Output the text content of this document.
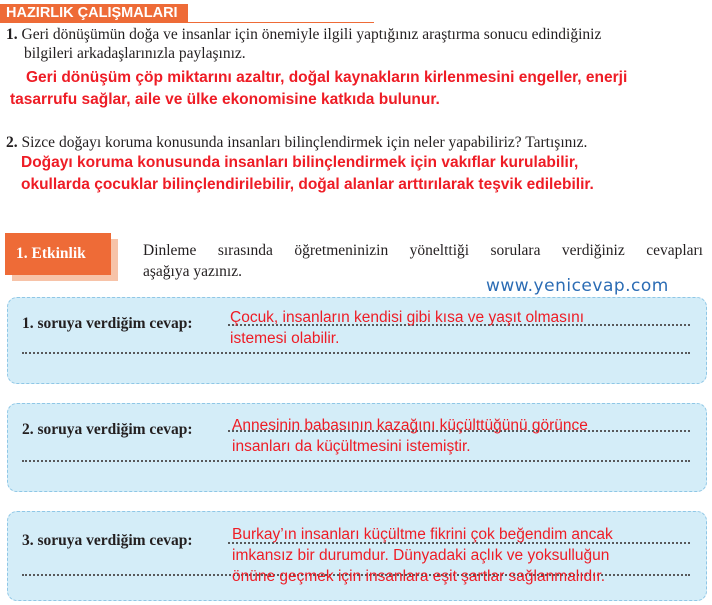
HAZIRLIK ÇALIŞMALARI
1. Geri dönüşümün doğa ve insanlar için önemiyle ilgili yaptığınız araştırma sonucu edindiğiniz
bilgileri arkadaşlarınızla paylaşınız.
Geri dönüşüm çöp miktarını azaltır, doğal kaynakların kirlenmesini engeller, enerji
tasarrufu sağlar, aile ve ülke ekonomisine katkıda bulunur.
2. Sizce doğayı koruma konusunda insanları bilinçlendirmek için neler yapabiliriz? Tartışınız.
Doğayı koruma konusunda insanları bilinçlendirmek için vakıflar kurulabilir,
okullarda çocuklar bilinçlendirilebilir, doğal alanlar arttırılarak teşvik edilebilir.
1. Etkinlik	Dinleme sırasında öğretmeninizin yönelttiği sorulara verdiğiniz cevapları
aşağıya yazınız.
www.yenicevap.com
1. soruya verdiğim cevap: Çocuk, insanların kendisi gibi kısa ve yaşıt olmasını
istemesi olabilir.
2. soruya verdiğim cevap:	Annesinin babasının kazağını küçülttüğünü görünce
insanları da küçültmesini istemiştir.
3. soruya verdiğim cevap:	Burkay’ın insanları küçültme fikrini çok beğendim ancak
imkansız bir durumdur. Dünyadaki açlık ve yoksulluğun
önüne geçmek için insanlara eşit şartlar sağlanmalıdır.
